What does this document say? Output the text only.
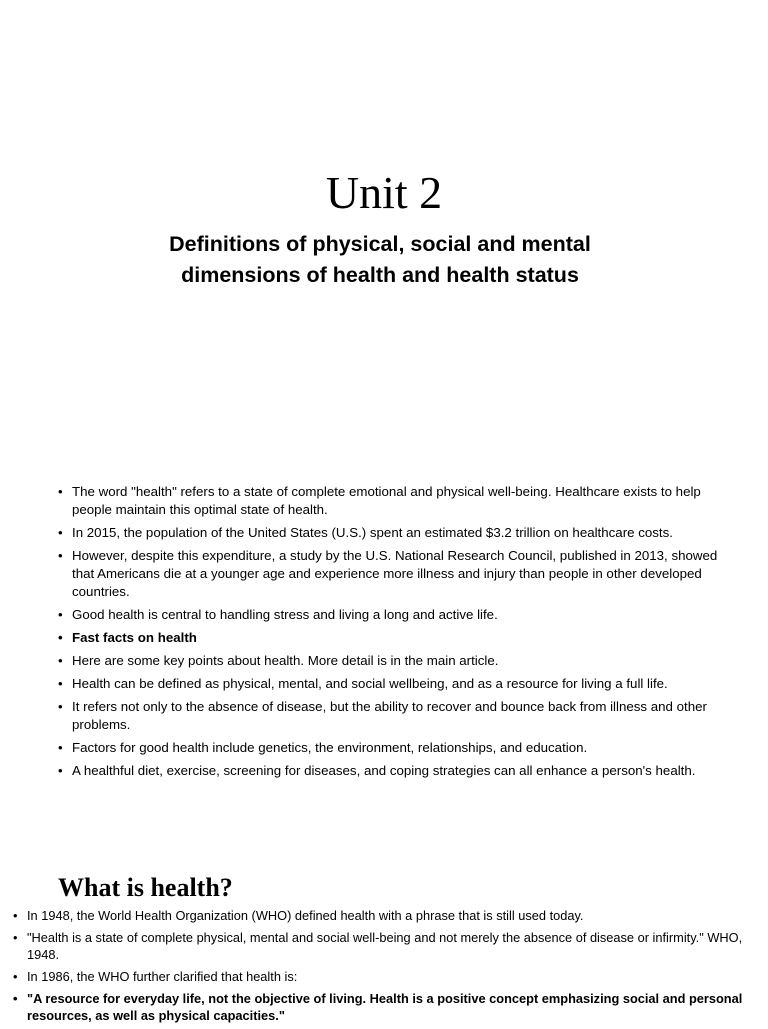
Unit 2
Definitions of physical, social and mental dimensions of health and health status
• The word "health" refers to a state of complete emotional and physical well-being. Healthcare exists to help people maintain this optimal state of health.
• In 2015, the population of the United States (U.S.) spent an estimated $3.2 trillion on healthcare costs.
• However, despite this expenditure, a study by the U.S. National Research Council, published in 2013, showed that Americans die at a younger age and experience more illness and injury than people in other developed countries.
• Good health is central to handling stress and living a long and active life.
• Fast facts on health
• Here are some key points about health. More detail is in the main article.
• Health can be defined as physical, mental, and social wellbeing, and as a resource for living a full life.
• It refers not only to the absence of disease, but the ability to recover and bounce back from illness and other problems.
• Factors for good health include genetics, the environment, relationships, and education.
• A healthful diet, exercise, screening for diseases, and coping strategies can all enhance a person's health.
What is health?
• In 1948, the World Health Organization (WHO) defined health with a phrase that is still used today.
• "Health is a state of complete physical, mental and social well-being and not merely the absence of disease or infirmity." WHO, 1948.
• In 1986, the WHO further clarified that health is:
• "A resource for everyday life, not the objective of living. Health is a positive concept emphasizing social and personal resources, as well as physical capacities."
